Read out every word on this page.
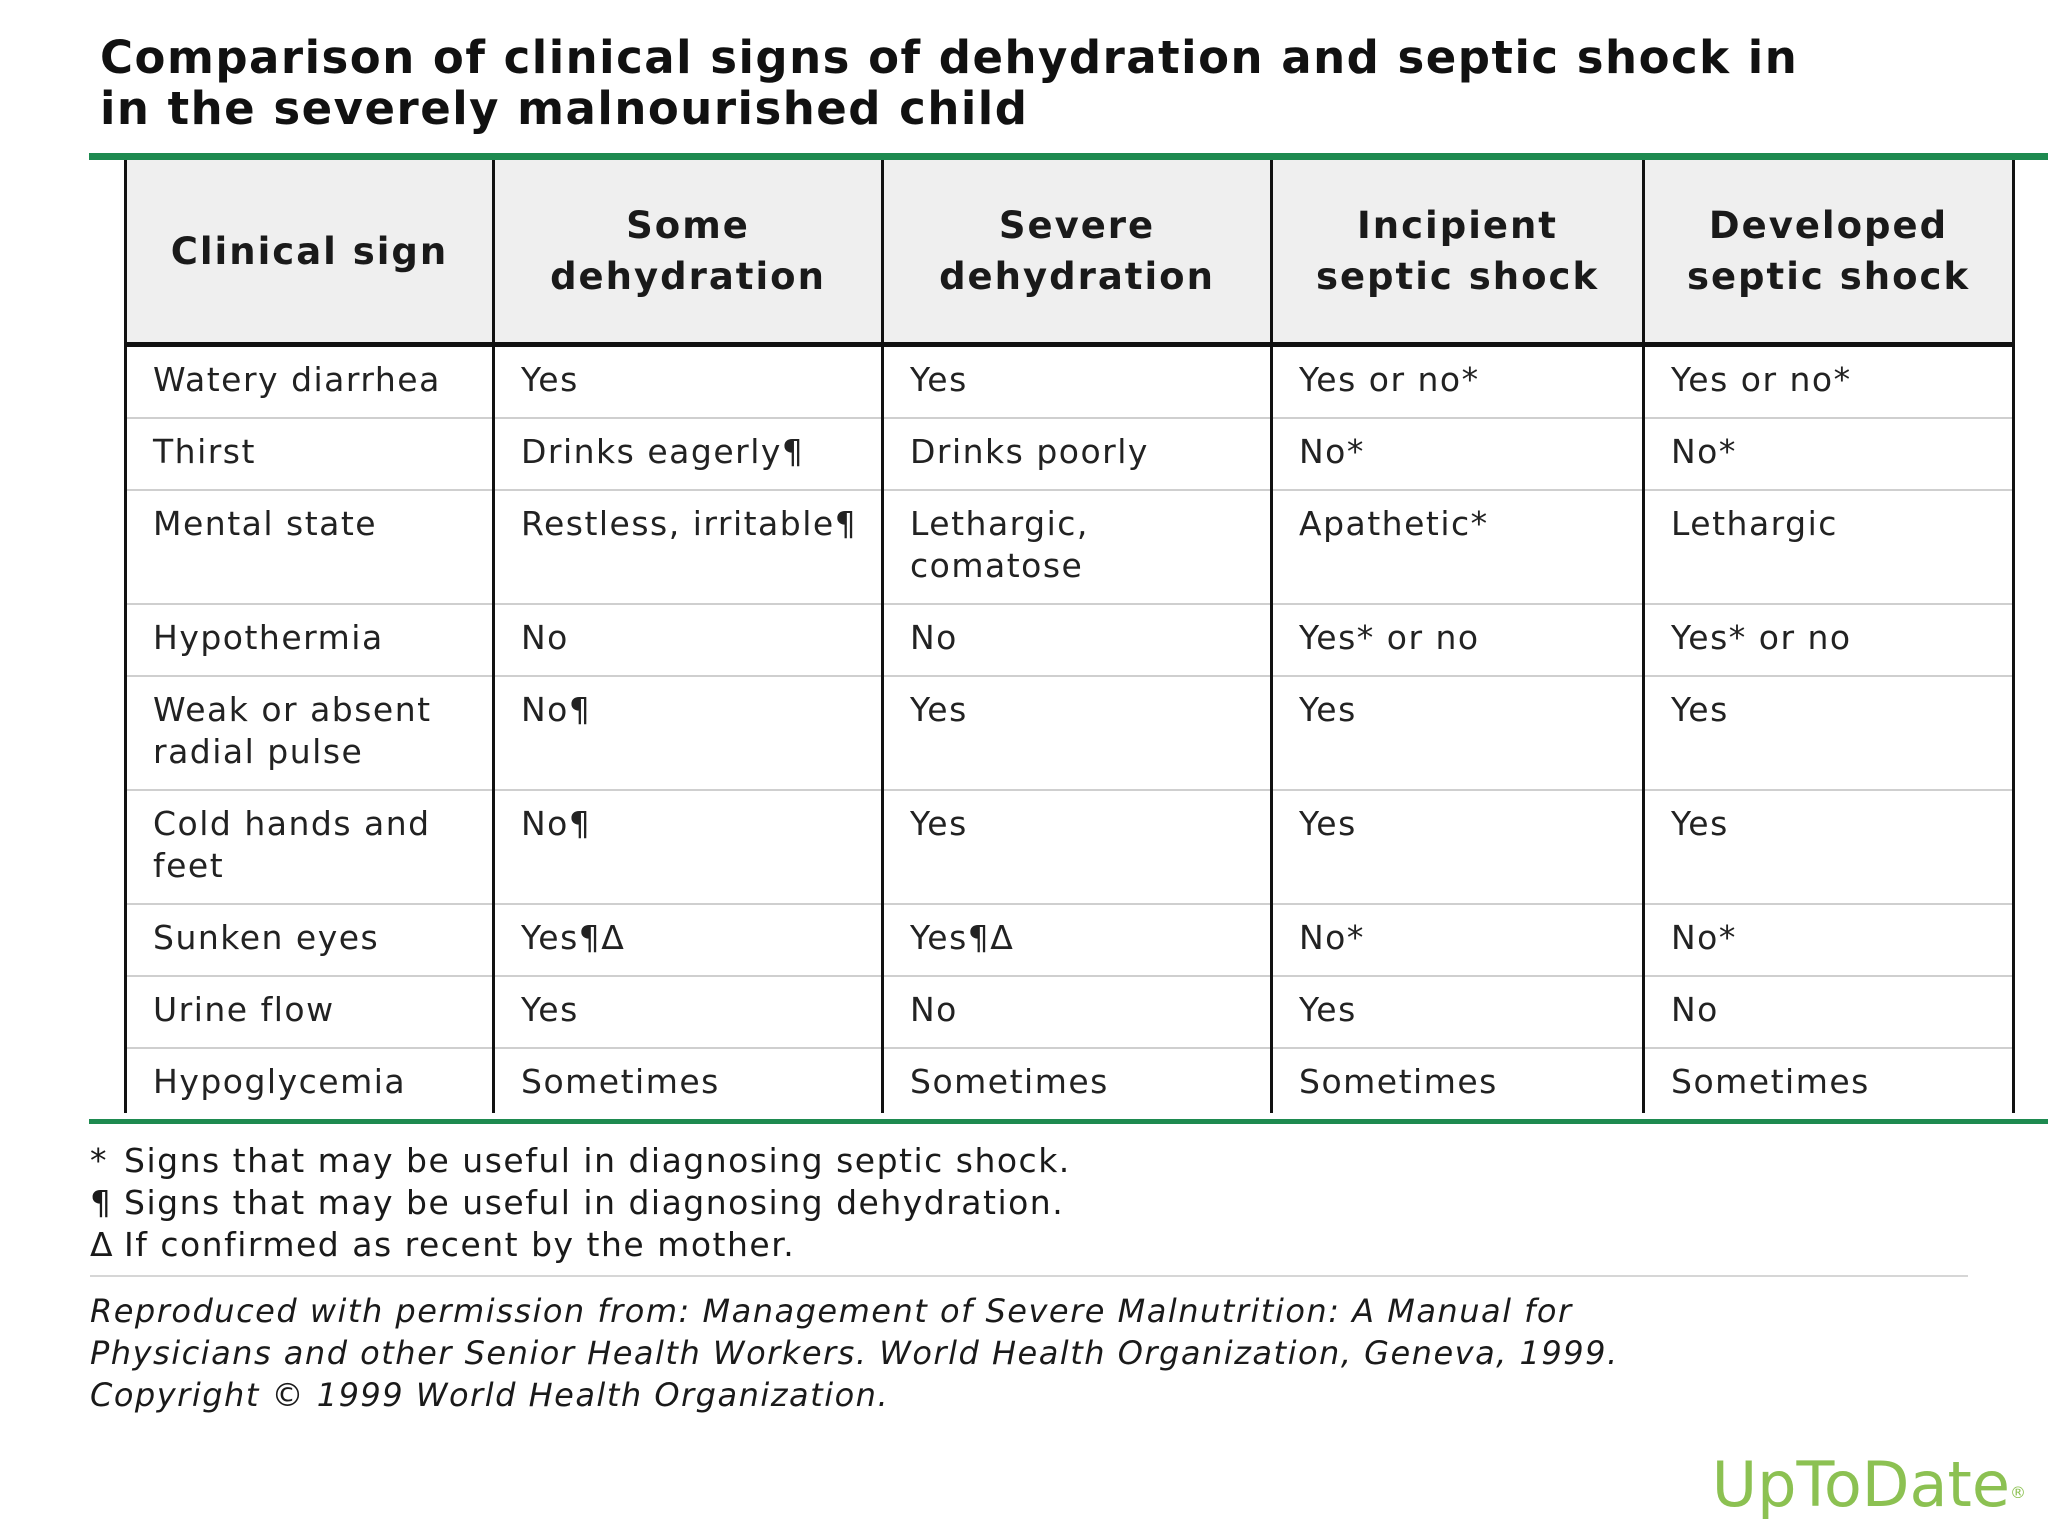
Comparison of clinical signs of dehydration and septic shock in
in the severely malnourished child
Clinical sign	Some dehydration	Severe dehydration	Incipient septic shock	Developed septic shock
Watery diarrhea	Yes	Yes	Yes or no*	Yes or no*
Thirst	Drinks eagerly¶	Drinks poorly	No*	No*
Mental state	Restless, irritable¶	Lethargic, comatose	Apathetic*	Lethargic
Hypothermia	No	No	Yes* or no	Yes* or no
Weak or absent radial pulse	No¶	Yes	Yes	Yes
Cold hands and feet	No¶	Yes	Yes	Yes
Sunken eyes	Yes¶Δ	Yes¶Δ	No*	No*
Urine flow	Yes	No	Yes	No
Hypoglycemia	Sometimes	Sometimes	Sometimes	Sometimes

* Signs that may be useful in diagnosing septic shock.

¶ Signs that may be useful in diagnosing dehydration.

Δ If confirmed as recent by the mother.

Reproduced with permission from: Management of Severe Malnutrition: A Manual for

Physicians and other Senior Health Workers. World Health Organization, Geneva, 1999.

Copyright © 1999 World Health Organization.

UpToDate®
